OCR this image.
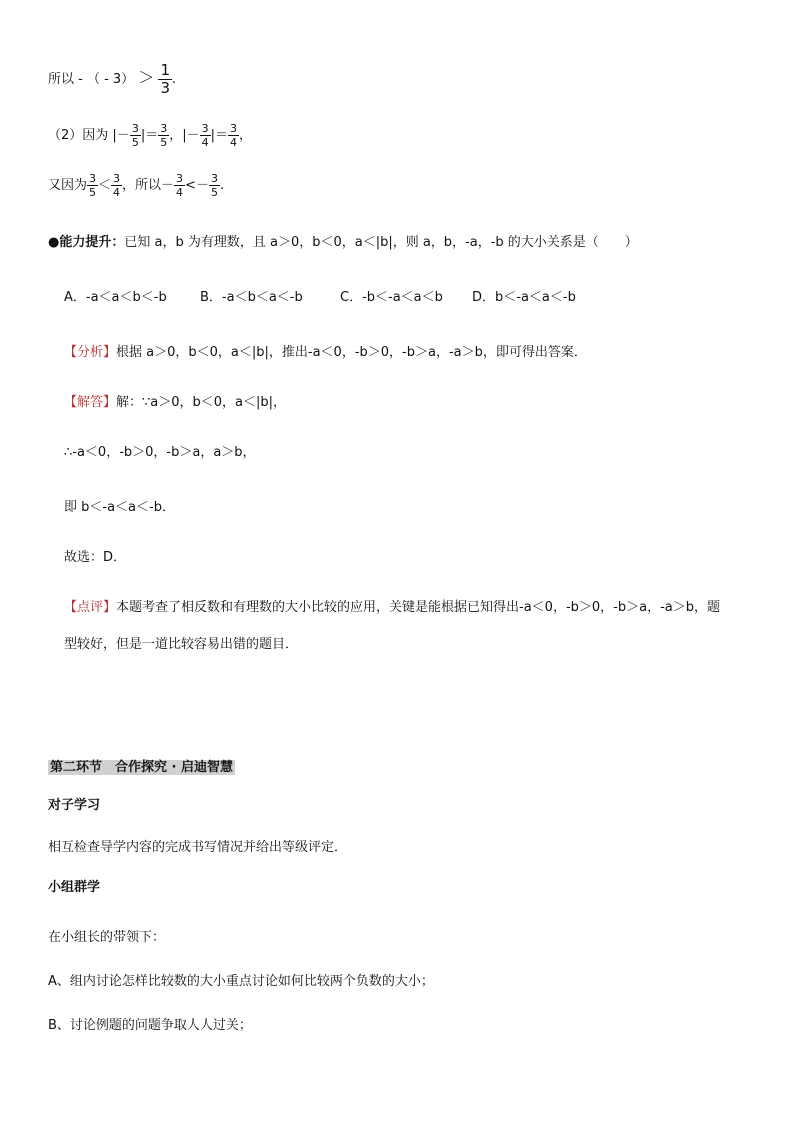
所以 - （ - $3) > \frac{1}{3}$ .
（2）因为 |－ $\frac{3}{5}$ |＝ $\frac{3}{5}$ ，|－ $\frac{3}{4}$ |＝ $\frac{3}{4}$ ，
又因为 $\frac{3}{5} < \frac{3}{4}$ ，所以－ $\frac{3}{4} <- \frac{3}{5}$ .
●能力提升：已知 a，b 为有理数，且 a＞0，b＜0，a＜|b|，则 a，b，-a，-b 的大小关系是（　　）
A．-a＜a＜b＜-b	B．-a＜b＜a＜-b	C．-b＜-a＜a＜b D．b＜-a＜a＜-b
【分析】根据 a＞0，b＜0，a＜|b|，推出-a＜0，-b＞0，-b＞a，-a＞b，即可得出答案．
【解答】解：∵a＞0，b＜0，a＜|b|，
∴-a＜0，-b＞0，-b＞a，a＞b，
即 b＜-a＜a＜-b．
故选：D．
【点评】本题考查了相反数和有理数的大小比较的应用，关键是能根据已知得出-a＜0，-b＞0，-b＞a，-a＞b，题
型较好，但是一道比较容易出错的题目．
第二环节　合作探究 · 启迪智慧
对子学习
相互检查导学内容的完成书写情况并给出等级评定．
小组群学
在小组长的带领下：
A、组内讨论怎样比较数的大小重点讨论如何比较两个负数的大小；
B、讨论例题的问题争取人人过关；
